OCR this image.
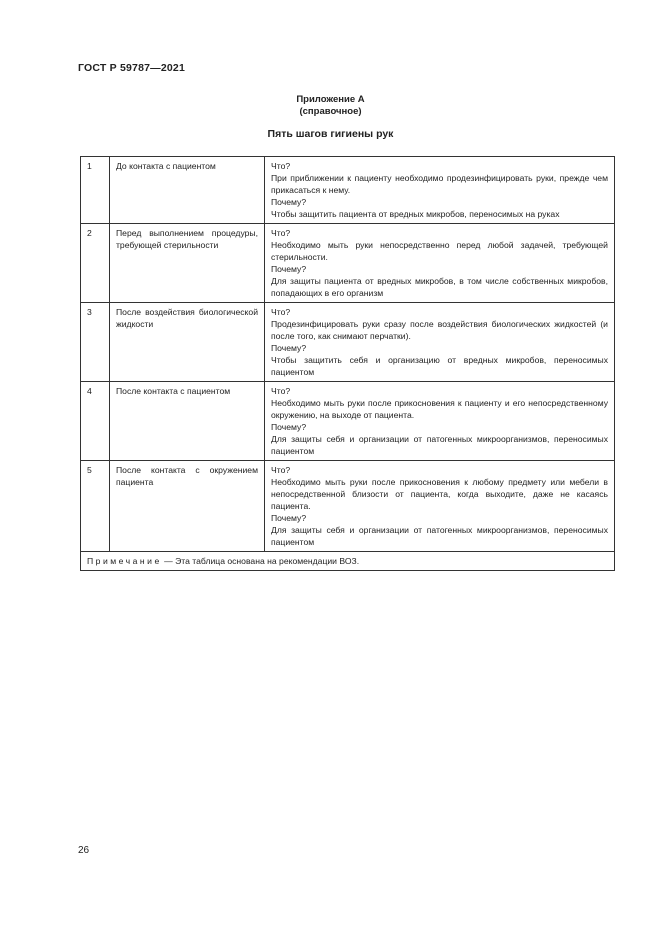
ГОСТ Р 59787—2021
Приложение А
(справочное)
Пять шагов гигиены рук
1	До контакта с пациентом	Что?
При приближении к пациенту необходимо продезинфицировать руки, прежде чем прикасаться к нему.
Почему?
Чтобы защитить пациента от вредных микробов, переносимых на руках

2	Перед выполнением процедуры, требующей стерильности	Что?
Необходимо мыть руки непосредственно перед любой задачей, требующей стерильности.
Почему?
Для защиты пациента от вредных микробов, в том числе собственных микробов, попадающих в его организм

3	После воздействия биологической жидкости	Что?
Продезинфицировать руки сразу после воздействия биологических жидкостей (и после того, как снимают перчатки).
Почему?
Чтобы защитить себя и организацию от вредных микробов, переносимых пациентом

4	После контакта с пациентом	Что?
Необходимо мыть руки после прикосновения к пациенту и его непосредственному окружению, на выходе от пациента.
Почему?
Для защиты себя и организации от патогенных микроорганизмов, переносимых пациентом

5	После контакта с окружением пациента	Что?
Необходимо мыть руки после прикосновения к любому предмету или мебели в непосредственной близости от пациента, когда выходите, даже не касаясь пациента.
Почему?
Для защиты себя и организации от патогенных микроорганизмов, переносимых пациентом

Примечание — Эта таблица основана на рекомендации ВОЗ.		
26
